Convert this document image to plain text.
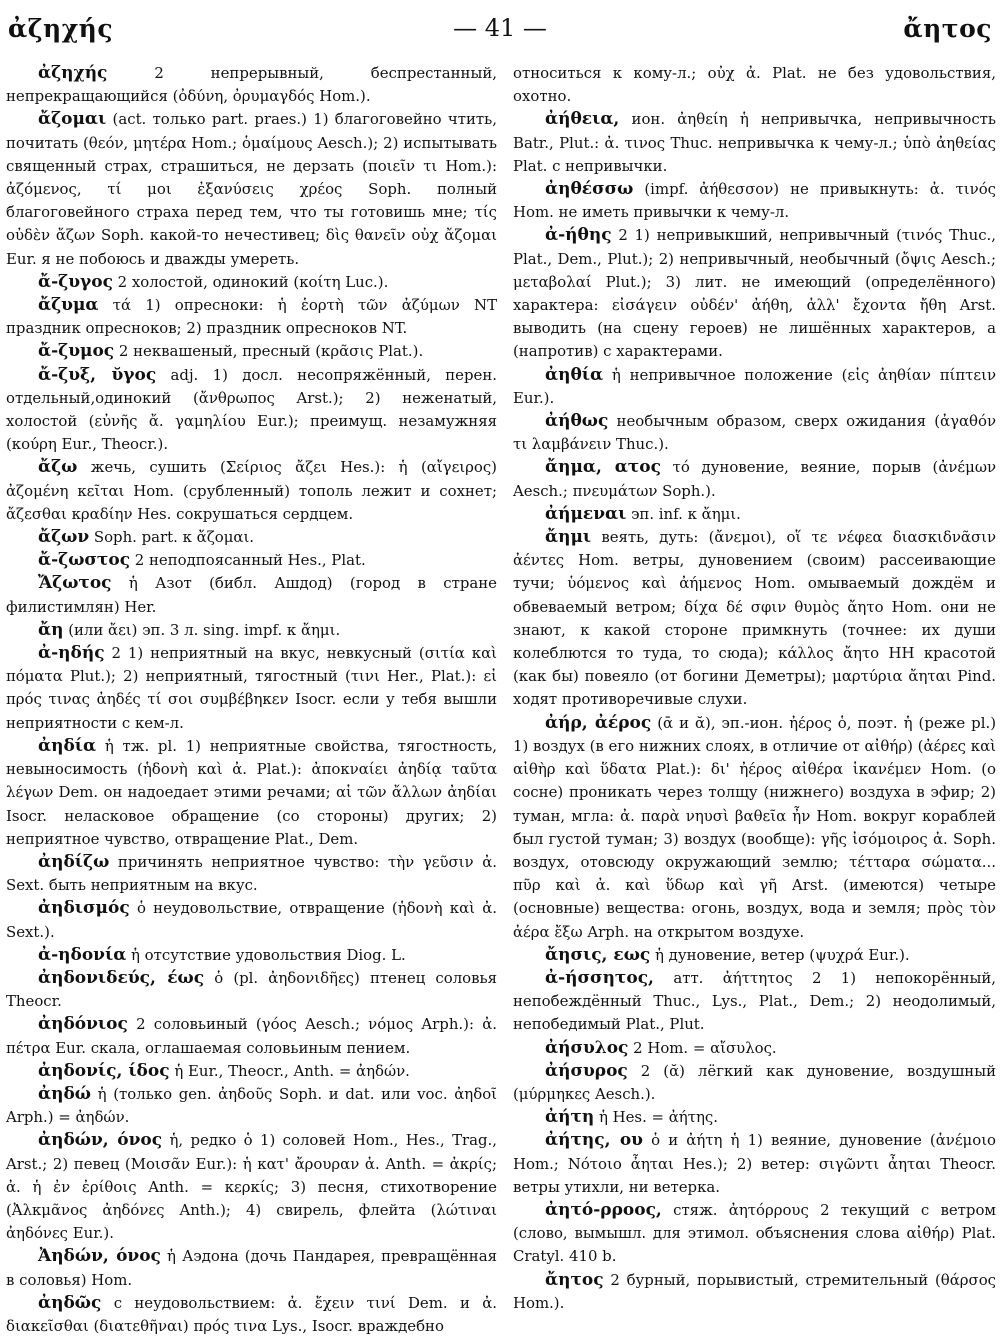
ἀζηχής	— 41 —	ἄητος

ἀζηχής	2 непрерывный, беспрестанный, непрекращающийся (ὀδύνη, ὀρυμαγδός Hom.).

ἄζομαι (act. только part. praes.) 1) благоговейно чтить, почитать (θεόν, μητέρα Hom.; ὁμαίμους Aesch.); 2) испытывать священный страх, страшиться, не дерзать (ποιεῖν τι Hom.): ἀζόμενος, τί μοι ἐξανύσεις χρέος Soph. полный благоговейного страха перед тем, что ты готовишь мне; τίς οὐδὲν ἄζων Soph. какой-то нечестивец; δὶς θανεῖν οὐχ ἄζομαι Eur. я не побоюсь и дважды умереть.

ἄ-ζυγος 2 холостой, одинокий (κοίτη Luc.).

ἄζυμα τά 1) опресноки: ἡ ἑορτὴ τῶν ἀζύμων NT праздник опресноков; 2) праздник опресноков NT.

ἄ-ζυμος 2 неквашеный, пресный (κρᾶσις Plat.).

ἄ-ζυξ, ῠγος adj. 1) досл. несопряжённый, перен. отдельный,одинокий (ἄνθρωπος Arst.); 2) неженатый, холостой (εὐνῆς ἄ. γαμηλίου Eur.); преимущ. незамужняя (κούρη Eur., Theocr.).

ἄζω жечь, сушить (Σείριος ἄζει Hes.): ἡ (αἴγειρος) ἀζομένη κεῖται Hom. (срубленный) тополь лежит и сохнет; ἄζεσθαι κραδίην Hes. сокрушаться сердцем.

ἄζων Soph. part. к ἄζομαι.

ἄ-ζωστος 2 неподпоясанный Hes., Plat.

Ἄζωτος ἡ Азот (библ. Ашдод) (город в стране филистимлян) Her.

ἄη (или ἄει) эп. 3 л. sing. impf. к ἄημι.

ἀ-ηδής 2 1) неприятный на вкус, невкусный (σιτία καὶ πόματα Plut.); 2) неприятный, тягостный (τινι Her., Plat.): εἰ πρός τινας ἀηδές τί σοι συμβέβηκεν Isocr. если у тебя вышли неприятности с кем-л.

ἀηδία ἡ тж. pl. 1) неприятные свойства, тягостность, невыносимость (ἡδονὴ καὶ ἀ. Plat.): ἀποκναίει ἀηδίᾳ ταῦτα λέγων Dem. он надоедает этими речами; αἱ τῶν ἄλλων ἀηδίαι Isocr. неласковое обращение (со стороны) других; 2) неприятное чувство, отвращение Plat., Dem.

ἀηδίζω причинять неприятное чувство: τὴν γεῦσιν ἀ. Sext. быть неприятным на вкус.

ἀηδισμός ὁ неудовольствие, отвращение (ἡδονὴ καὶ ἀ. Sext.).

ἀ-ηδονία ἡ отсутствие удовольствия Diog. L.

ἀηδονιδεύς, έως ὁ (pl. ἀηδονιδῆες) птенец соловья Theocr.

ἀηδόνιος 2 соловьиный (γόος Aesch.; νόμος Arph.): ἀ. πέτρα Eur. скала, оглашаемая соловьиным пением.

ἀηδονίς, ίδος ἡ Eur., Theocr., Anth. = ἀηδών.

ἀηδώ ἡ (только gen. ἀηδοῦς Soph. и dat. или voc. ἀηδοῖ Arph.) = ἀηδών.

ἀηδών, όνος ἡ, редко ὁ 1) соловей Hom., Hes., Trag., Arst.; 2) певец (Μοισᾶν Eur.): ἡ κατ' ἄρουραν ἀ. Anth. = ἀκρίς; ἀ. ἡ ἐν ἐρίθοις Anth. = κερκίς; 3) песня, стихотворение (Ἀλκμᾶνος ἀηδόνες Anth.); 4) свирель, флейта (λώτιναι ἀηδόνες Eur.).

Ἀηδών, όνος ἡ Аэдона (дочь Пандарея, превращённая в соловья) Hom.

ἀηδῶς с неудовольствием: ἀ. ἔχειν τινί Dem. и ἀ. διακεῖσθαι (διατεθῆναι) πρός τινα Lys., Isocr. враждебно

относиться к кому-л.; οὐχ ἀ. Plat. не без удовольствия, охотно.

ἀήθεια, ион. ἀηθείη ἡ непривычка, непривычность Batr., Plut.: ἀ. τινος Thuc. непривычка к чему-л.; ὑπὸ ἀηθείας Plat. с непривычки.

ἀηθέσσω (impf. ἀήθεσσον) не привыкнуть: ἀ. τινός Hom. не иметь привычки к чему-л.

ἀ-ήθης 2 1) непривыкший, непривычный (τινός Thuc., Plat., Dem., Plut.); 2) непривычный, необычный (ὄψις Aesch.; μεταβολαί Plut.); 3) лит. не имеющий (определённого) характера: εἰσάγειν οὐδέν' ἀήθη, ἀλλ' ἔχοντα ἤθη Arst. выводить (на сцену героев) не лишённых характеров, а (напротив) с характерами.

ἀηθία ἡ непривычное положение (εἰς ἀηθίαν πίπτειν Eur.).

ἀήθως необычным образом, сверх ожидания (ἀγαθόν τι λαμβάνειν Thuc.).

ἄημα, ατος τό дуновение, веяние, порыв (ἀνέμων Aesch.; πνευμάτων Soph.).

ἀήμεναι эп. inf. к ἄημι.

ἄημι веять, дуть: (ἄνεμοι), οἵ τε νέφεα διασκιδνᾶσιν ἀέντες Hom. ветры, дуновением (своим) рассеивающие тучи; ὑόμενος καὶ ἀήμενος Hom. омываемый дождём и обвеваемый ветром; δίχα δέ σφιν θυμὸς ἄητο Hom. они не знают, к какой стороне примкнуть (точнее: их души колеблются то туда, то сюда); κάλλος ἄητο HH красотой (как бы) повеяло (от богини Деметры); μαρτύρια ἄηται Pind. ходят противоречивые слухи.

ἀήρ, ἀέρος (ᾱ и ᾰ), эп.-ион. ἠέρος ὁ, поэт. ἡ (реже pl.) 1) воздух (в его нижних слоях, в отличие от αἰθήρ) (ἀέρες καὶ αἰθὴρ καὶ ὕδατα Plat.): δι' ἠέρος αἰθέρα ἱκανέμεν Hom. (о сосне) проникать через толщу (нижнего) воздуха в эфир; 2) туман, мгла: ἀ. παρὰ νηυσὶ βαθεῖα ἦν Hom. вокруг кораблей был густой туман; 3) воздух (вообще): γῆς ἰσόμοιρος ἀ. Soph. воздух, отовсюду окружающий землю; τέτταρα σώματα... πῦρ καὶ ἀ. καὶ ὕδωρ καὶ γῆ Arst. (имеются) четыре (основные) вещества: огонь, воздух, вода и земля; πρὸς τὸν ἀέρα ἔξω Arph. на открытом воздухе.

ἄησις, εως ἡ дуновение, ветер (ψυχρά Eur.).

ἀ-ήσσητος, атт. ἀήττητος 2 1) непокорённый, непобеждённый Thuc., Lys., Plat., Dem.; 2) неодолимый, непобедимый Plat., Plut.

ἀήσυλος 2 Hom. = αἴσυλος.

ἀήσυρος 2 (ᾰ) лёгкий как дуновение, воздушный (μύρμηκες Aesch.).

ἀήτη ἡ Hes. = ἀήτης.

ἀήτης, ου ὁ и ἀήτη ἡ 1) веяние, дуновение (ἀνέμοιο Hom.; Νότοιο ἆηται Hes.); 2) ветер: σιγῶντι ἆηται Theocr. ветры утихли, ни ветерка.

ἀητό-ρροος, стяж. ἀητόρρους 2 текущий с ветром (слово, вымышл. для этимол. объяснения слова αἰθήρ) Plat. Cratyl. 410 b.

ἄητος 2 бурный, порывистый, стремительный (θάρσος Hom.).
